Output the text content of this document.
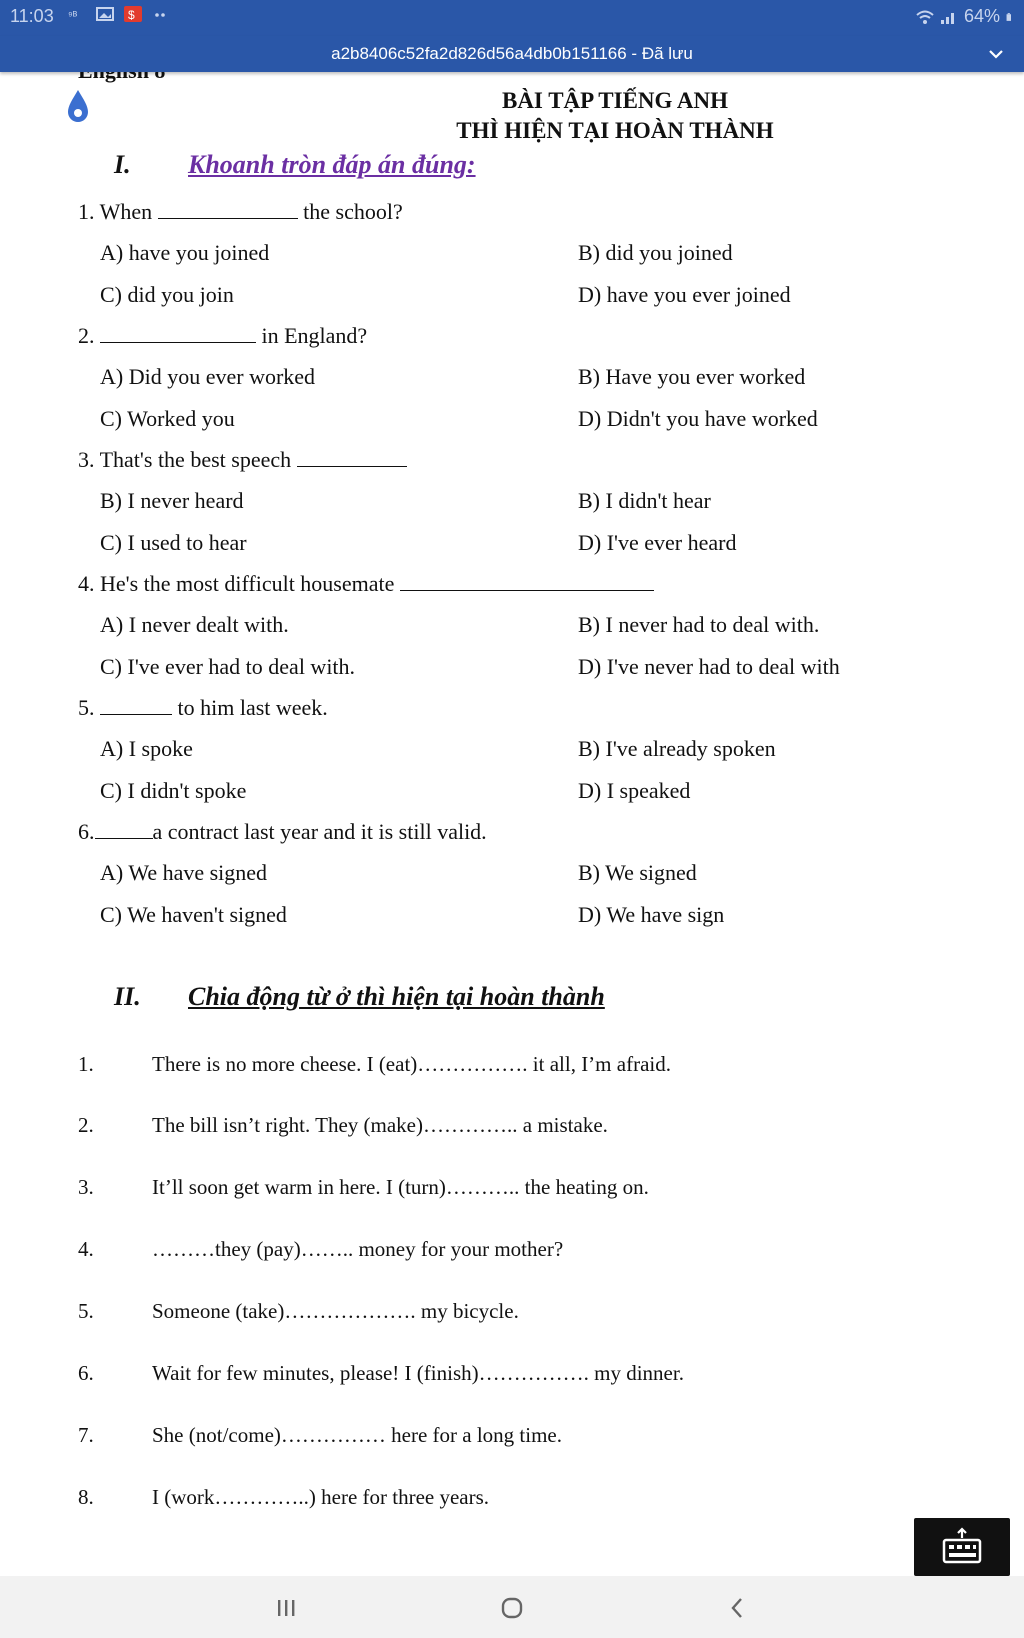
11:03 ⁹ᴮ	$	64%
a2b8406c52fa2d826d56a4db0b151166 - Đã lưu
BÀI TẬP TIẾNG ANH
THÌ HIỆN TẠI HOÀN THÀNH
I. Khoanh tròn đáp án đúng:
1. When	the school?
A) have you joined	B) did you joined
C) did you join	D) have you ever joined
2.	in England?
A) Did you ever worked	B) Have you ever worked
C) Worked you	D) Didn't you have worked
3. That's the best speech
B) I never heard	B) I didn't hear
C) I used to hear	D) I've ever heard
4. He's the most difficult housemate
A) I never dealt with.	B) I never had to deal with.
C) I've ever had to deal with.	D) I've never had to deal with
5.	to him last week.
A) I spoke	B) I've already spoken
C) I didn't spoke	D) I speaked
6.	a contract last year and it is still valid.
A) We have signed	B) We signed
C) We haven't signed	D) We have sign
II. Chia động từ ở thì hiện tại hoàn thành
1.	There is no more cheese. I (eat)……………. it all, I’m afraid.
2.	The bill isn’t right. They (make)………….. a mistake.
3.	It’ll soon get warm in here. I (turn)……….. the heating on.
4.	………they (pay)…….. money for your mother?
5.	Someone (take)………………. my bicycle.
6.	Wait for few minutes, please! I (finish)……………. my dinner.
7.	She (not/come)…………… here for a long time.
8.	I (work…………..) here for three years.
